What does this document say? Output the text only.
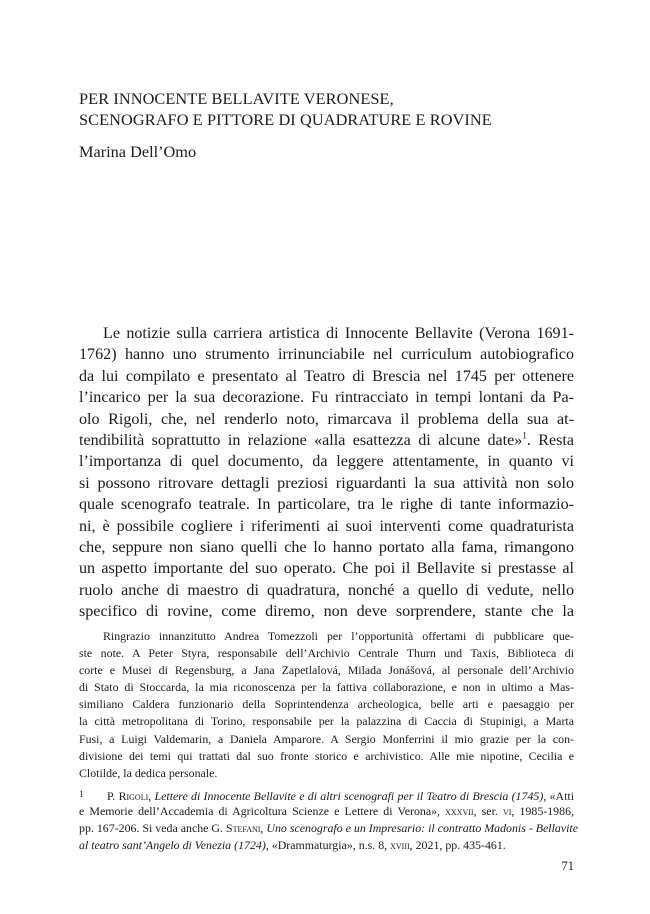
PER INNOCENTE BELLAVITE VERONESE,
SCENOGRAFO E PITTORE DI QUADRATURE E ROVINE

Marina Dell’Omo

Le notizie sulla carriera artistica di Innocente Bellavite (Verona 1691-
1762) hanno uno strumento irrinunciabile nel curriculum autobiografico
da lui compilato e presentato al Teatro di Brescia nel 1745 per ottenere
l’incarico per la sua decorazione. Fu rintracciato in tempi lontani da Pa-
olo Rigoli, che, nel renderlo noto, rimarcava il problema della sua at-
tendibilità soprattutto in relazione «alla esattezza di alcune date»$^1$. Resta
l’importanza di quel documento, da leggere attentamente, in quanto vi
si possono ritrovare dettagli preziosi riguardanti la sua attività non solo
quale scenografo teatrale. In particolare, tra le righe di tante informazio-
ni, è possibile cogliere i riferimenti ai suoi interventi come quadraturista
che, seppure non siano quelli che lo hanno portato alla fama, rimangono
un aspetto importante del suo operato. Che poi il Bellavite si prestasse al
ruolo anche di maestro di quadratura, nonché a quello di vedute, nello
specifico di rovine, come diremo, non deve sorprendere, stante che la
Ringrazio innanzitutto Andrea Tomezzoli per l’opportunità offertami di pubblicare que-
ste note. A Peter Styra, responsabile dell’Archivio Centrale Thurn und Taxis, Biblioteca di
corte e Musei di Regensburg, a Jana Zapetlalová, Milada Jonášová, al personale dell’Archivio
di Stato di Stoccarda, la mia riconoscenza per la fattiva collaborazione, e non in ultimo a Mas-
similiano Caldera funzionario della Soprintendenza archeologica, belle arti e paesaggio per
la città metropolitana di Torino, responsabile per la palazzina di Caccia di Stupinigi, a Marta
Fusi, a Luigi Valdemarin, a Daniela Amparore. A Sergio Monferrini il mio grazie per la con-
divisione dei temi qui trattati dal suo fronte storico e archivistico. Alle mie nipotine, Cecilia e
Clotilde, la dedica personale.
1 P. Rigoli, Lettere di Innocente Bellavite e di altri scenografi per il Teatro di Brescia (1745), «Atti
e Memorie dell’Accademia di Agricoltura Scienze e Lettere di Verona», xxxvii, ser. vi, 1985-1986,
pp. 167-206. Si veda anche G. Stefani, Uno scenografo e un Impresario: il contratto Madonis - Bellavite
al teatro sant’Angelo di Venezia (1724), «Drammaturgia», n.s. 8, xviii, 2021, pp. 435-461.
71
